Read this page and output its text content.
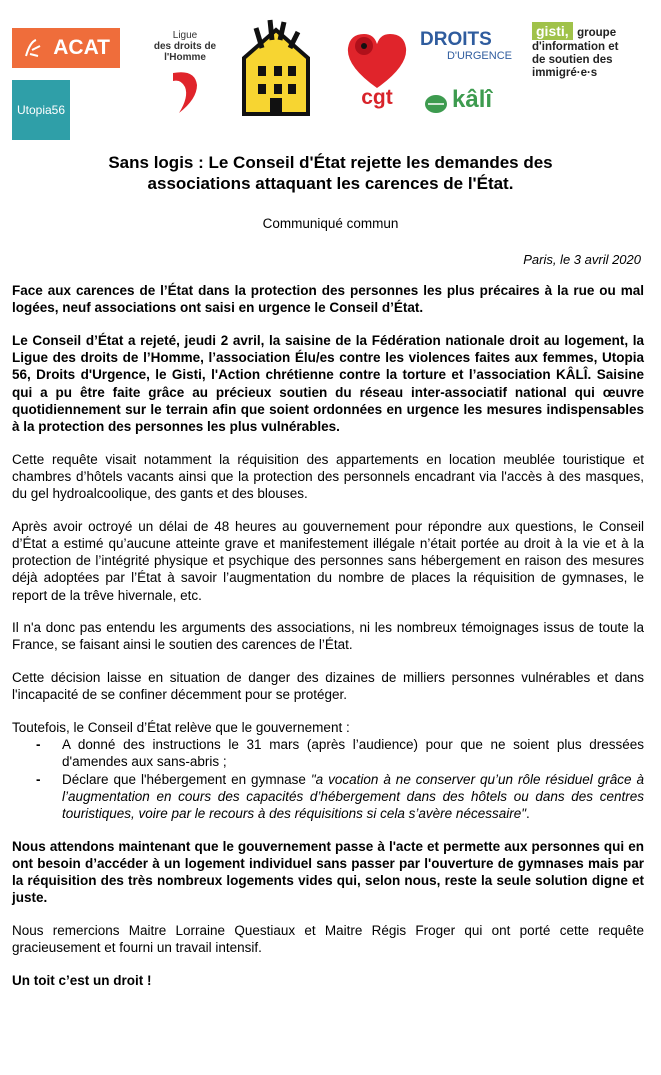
ACAT
Utopia56
Ligue
des droits de
l'Homme
cgt
DROITS
D'URGENCE
kâlî
gisti, groupe
d'information et
de soutien des
immigré·e·s
Sans logis : Le Conseil d'État rejette les demandes des
associations attaquant les carences de l'État.
Communiqué commun
Paris, le 3 avril 2020

Face aux carences de l’État dans la protection des personnes les plus précaires à la rue ou mal logées, neuf associations ont saisi en urgence le Conseil d’État.

Le Conseil d’État a rejeté, jeudi 2 avril, la saisine de la Fédération nationale droit au logement, la Ligue des droits de l’Homme, l’association Élu/es contre les violences faites aux femmes, Utopia 56, Droits d'Urgence, le Gisti, l'Action chrétienne contre la torture et l’association KÂLÎ. Saisine qui a pu être faite grâce au précieux soutien du réseau inter-associatif national qui œuvre quotidiennement sur le terrain afin que soient ordonnées en urgence les mesures indispensables à la protection des personnes les plus vulnérables.

Cette requête visait notamment la réquisition des appartements en location meublée touristique et chambres d’hôtels vacants ainsi que la protection des personnels encadrant via l'accès à des masques, du gel hydroalcoolique, des gants et des blouses.

Après avoir octroyé un délai de 48 heures au gouvernement pour répondre aux questions, le Conseil d’État a estimé qu’aucune atteinte grave et manifestement illégale n’était portée au droit à la vie et à la protection de l’intégrité physique et psychique des personnes sans hébergement en raison des mesures déjà adoptées par l’État à savoir l’augmentation du nombre de places la réquisition de gymnases, le report de la trêve hivernale, etc.

Il n'a donc pas entendu les arguments des associations, ni les nombreux témoignages issus de toute la France, se faisant ainsi le soutien des carences de l’État.

Cette décision laisse en situation de danger des dizaines de milliers personnes vulnérables et dans l'incapacité de se confiner décemment pour se protéger.

Toutefois, le Conseil d’État relève que le gouvernement :

- A donné des instructions le 31 mars (après l’audience) pour que ne soient plus dressées d'amendes aux sans-abris ;
- Déclare que l'hébergement en gymnase "a vocation à ne conserver qu’un rôle résiduel grâce à l’augmentation en cours des capacités d’hébergement dans des hôtels ou dans des centres touristiques, voire par le recours à des réquisitions si cela s’avère nécessaire".

Nous attendons maintenant que le gouvernement passe à l'acte et permette aux personnes qui en ont besoin d’accéder à un logement individuel sans passer par l'ouverture de gymnases mais par la réquisition des très nombreux logements vides qui, selon nous, reste la seule solution digne et juste.

Nous remercions Maitre Lorraine Questiaux et Maitre Régis Froger qui ont porté cette requête gracieusement et fourni un travail intensif.

Un toit c’est un droit !
